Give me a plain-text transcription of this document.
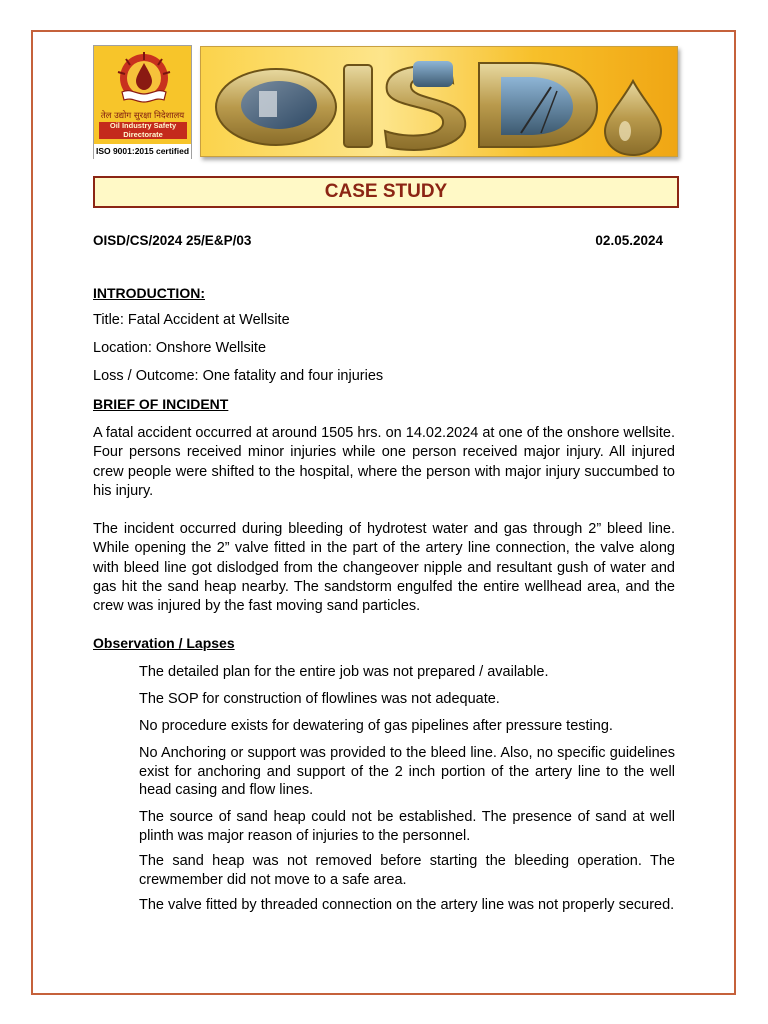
तेल उद्योग सुरक्षा निदेशालय
Oil Industry Safety Directorate
ISO 9001:2015 certified
CASE STUDY
OISD/CS/2024 25/E&P/03	02.05.2024
INTRODUCTION:
Title: Fatal Accident at Wellsite
Location: Onshore Wellsite
Loss / Outcome: One fatality and four injuries
BRIEF OF INCIDENT
A fatal accident occurred at around 1505 hrs. on 14.02.2024 at one of the onshore wellsite. Four persons received minor injuries while one person received major injury. All injured crew people were shifted to the hospital, where the person with major injury succumbed to his injury.
The incident occurred during bleeding of hydrotest water and gas through 2” bleed line. While opening the 2” valve fitted in the part of the artery line connection, the valve along with bleed line got dislodged from the changeover nipple and resultant gush of water and gas hit the sand heap nearby. The sandstorm engulfed the entire wellhead area, and the crew was injured by the fast moving sand particles.
Observation / Lapses
The detailed plan for the entire job was not prepared / available.
The SOP for construction of flowlines was not adequate.
No procedure exists for dewatering of gas pipelines after pressure testing.
No Anchoring or support was provided to the bleed line. Also, no specific guidelines exist for anchoring and support of the 2 inch portion of the artery line to the well head casing and flow lines.
The source of sand heap could not be established. The presence of sand at well plinth was major reason of injuries to the personnel.
The sand heap was not removed before starting the bleeding operation. The crewmember did not move to a safe area.
The valve fitted by threaded connection on the artery line was not properly secured.
